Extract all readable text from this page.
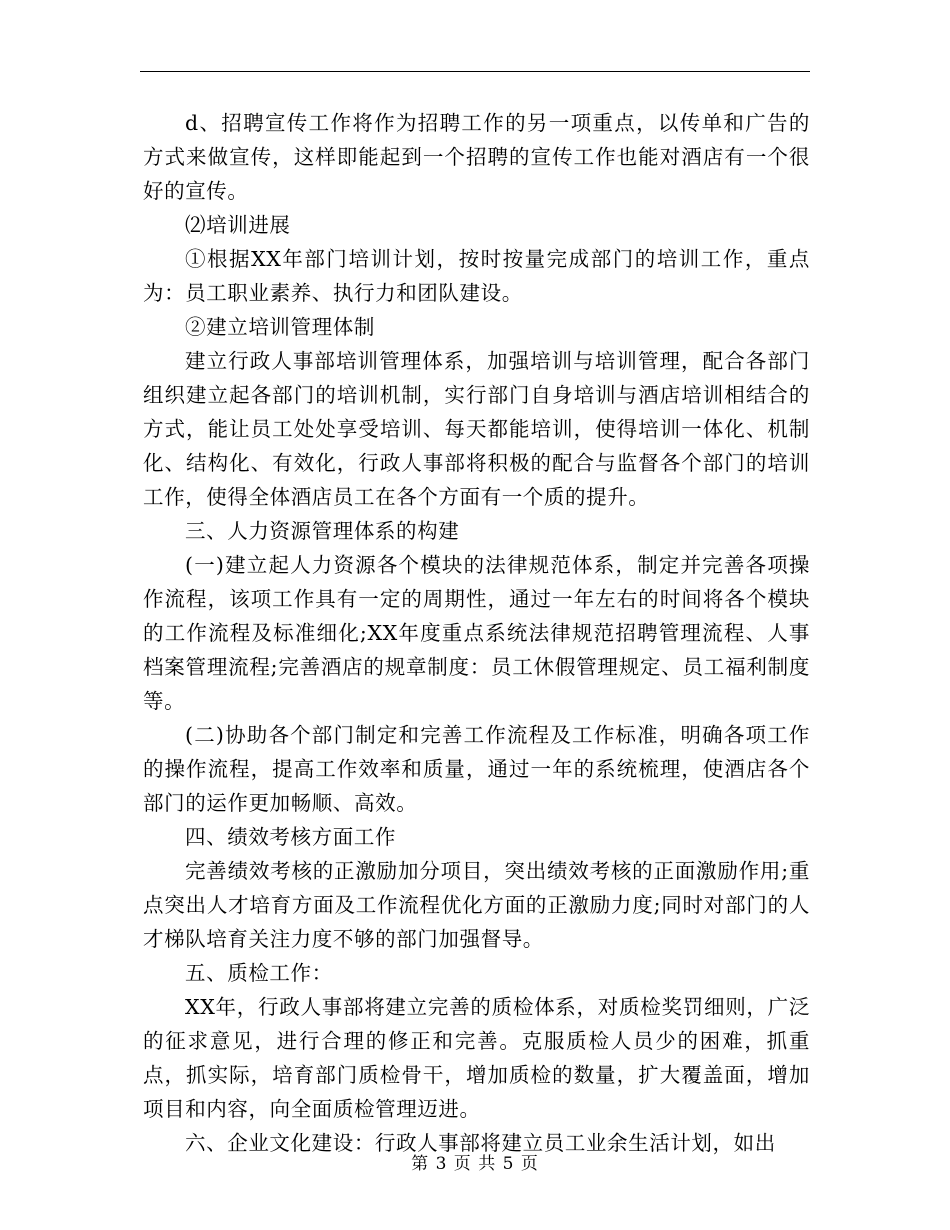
d、招聘宣传工作将作为招聘工作的另一项重点，以传单和广告的方式来做宣传，这样即能起到一个招聘的宣传工作也能对酒店有一个很好的宣传。

⑵培训进展

①根据XX年部门培训计划，按时按量完成部门的培训工作，重点为：员工职业素养、执行力和团队建设。

②建立培训管理体制

建立行政人事部培训管理体系，加强培训与培训管理，配合各部门组织建立起各部门的培训机制，实行部门自身培训与酒店培训相结合的方式，能让员工处处享受培训、每天都能培训，使得培训一体化、机制化、结构化、有效化，行政人事部将积极的配合与监督各个部门的培训工作，使得全体酒店员工在各个方面有一个质的提升。

三、人力资源管理体系的构建

(一)建立起人力资源各个模块的法律规范体系，制定并完善各项操作流程，该项工作具有一定的周期性，通过一年左右的时间将各个模块的工作流程及标准细化;XX年度重点系统法律规范招聘管理流程、人事档案管理流程;完善酒店的规章制度：员工休假管理规定、员工福利制度等。

(二)协助各个部门制定和完善工作流程及工作标准，明确各项工作的操作流程，提高工作效率和质量，通过一年的系统梳理，使酒店各个部门的运作更加畅顺、高效。

四、绩效考核方面工作

完善绩效考核的正激励加分项目，突出绩效考核的正面激励作用;重点突出人才培育方面及工作流程优化方面的正激励力度;同时对部门的人才梯队培育关注力度不够的部门加强督导。

五、质检工作：

XX年，行政人事部将建立完善的质检体系，对质检奖罚细则，广泛的征求意见，进行合理的修正和完善。克服质检人员少的困难，抓重点，抓实际，培育部门质检骨干，增加质检的数量，扩大覆盖面，增加项目和内容，向全面质检管理迈进。

六、企业文化建设：行政人事部将建立员工业余生活计划，如出

第 3 页 共 5 页
